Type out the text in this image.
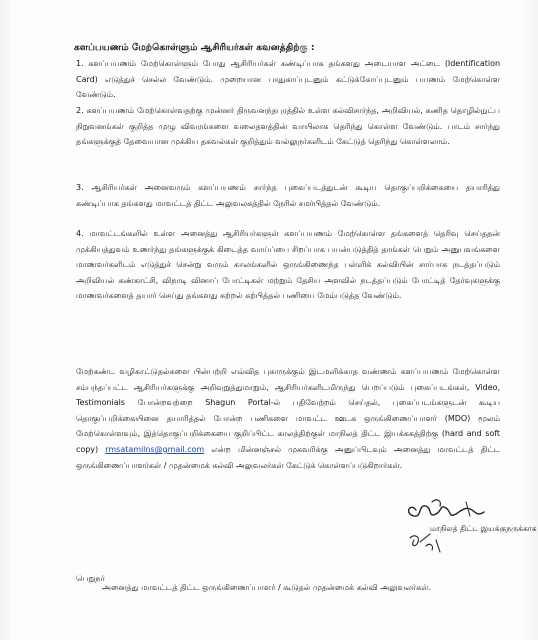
களப்பயணம் மேற்கொள்ளும் ஆசிரியர்கள் கவனத்திற்கு :
1. களப்பயணம் மேற்கொள்ளும் போது ஆசிரியர்கள் கண்டிப்பாக தங்களது அடையாள அட்டை (Identification Card) எடுத்துச் செல்ல வேண்டும். முறையான பாதுகாப்புடனும் கட்டுக்கோப்புடனும் பயணம் மேற்கொள்ள வேண்டும்.
2. களப்பயணம் மேற்கொள்வதற்கு முன்னர் திருவனந்தபுரத்தில் உள்ள கல்விசார்ந்த, அறிவியல், கணித தொழில்நுட்ப நிறுவனங்கள் குறித்த முழு விவரங்களை வலைதளத்தின் வாயிலாக தெரிந்து கொள்ள வேண்டும். பாடம் சார்ந்து தங்களுக்குத் தேவையான முக்கிய தகவல்கள் குறித்தும் வல்லுநர்களிடம் கேட்டுத் தெரிந்து கொள்ளலாம்.
3. ஆசிரியர்கள் அனைவரும் களப்பயணம் சார்ந்த புகைப்படத்துடன் கூடிய தொகுப்பறிக்கையை தயாரித்து கண்டிப்பாக தங்களது மாவட்டத் திட்ட அலுவலகத்தில் நேரில் சமர்பித்தல் வேண்டும்.
4. மாவட்டங்களில் உள்ள அனைத்து ஆசிரியர்களுள் களப்பயணம் மேற்கொள்ள தங்களைத் தெரிவு செய்ததன் முக்கியத்துவம் உணர்ந்து தங்களுக்குக் கிடைத்த வாய்ப்பை சிறப்பாக பயன்படுத்தித் தாங்கள் பெறும் அனுபவங்களை மாணவர்களிடம் எடுத்துச் சென்று வரும் காலங்களில் ஒருங்கிணைந்த பள்ளிக் கல்வியின் சார்பாக நடத்தப்படும் அறிவியல் கண்காட்சி, விநாடி வினாப் போட்டிகள் மற்றும் தேசிய அளவில் நடத்தப்படும் போட்டித் தேர்வுகளுக்கு மாணவர்களைத் தயார் செய்து தங்களது கற்றல் கற்பித்தல் பணியை மேம்படுத்த வேண்டும்.
மேற்கண்ட வழிகாட்டுதல்களை பின்பற்றி எவ்வித புகாருக்கும் இடமளிக்காத வண்ணம் களப்பயணம் மேற்கொள்ள சம்பந்தப்பட்ட ஆசிரியர்களுக்கு அறிவுறுத்துமாறும், ஆசிரியர்களிடமிருந்து பெறப்படும் புகைப்படங்கள், Video, Testimonials போன்றவற்றை Shagun Portal-ல் பதிவேற்றம் செய்தல், புகைப்படங்களுடன் கூடிய தொகுப்பறிக்கையினை தயாரித்தல் போன்ற பணிகளை மாவட்ட ஊடக ஒருங்கிணைப்பாளர் (MDO) மூலம் மேற்கொள்ளவும், இத்தொகுப்பறிக்கையை குறிப்பிட்ட காலத்திற்குள் மாநிலத் திட்ட இயக்ககத்திற்கு (hard and soft copy) rmsatamilns@gmail.com என்ற மின்னஞ்சல் முகவரிக்கு அனுப்பிடவும் அனைத்து மாவட்டத் திட்ட ஒருங்கிணைப்பாளர்கள் / முதன்மைக் கல்வி அலுவலர்கள் கேட்டுக் கொள்ளப்படுகிறார்கள்.
மாநிலத் திட்ட இயக்குநருக்காக
பெறுநர்
அனைத்து மாவட்டத் திட்ட ஒருங்கிணைப்பாளர் / கூடுதல் முதன்மைக் கல்வி அலுவலர்கள்.
